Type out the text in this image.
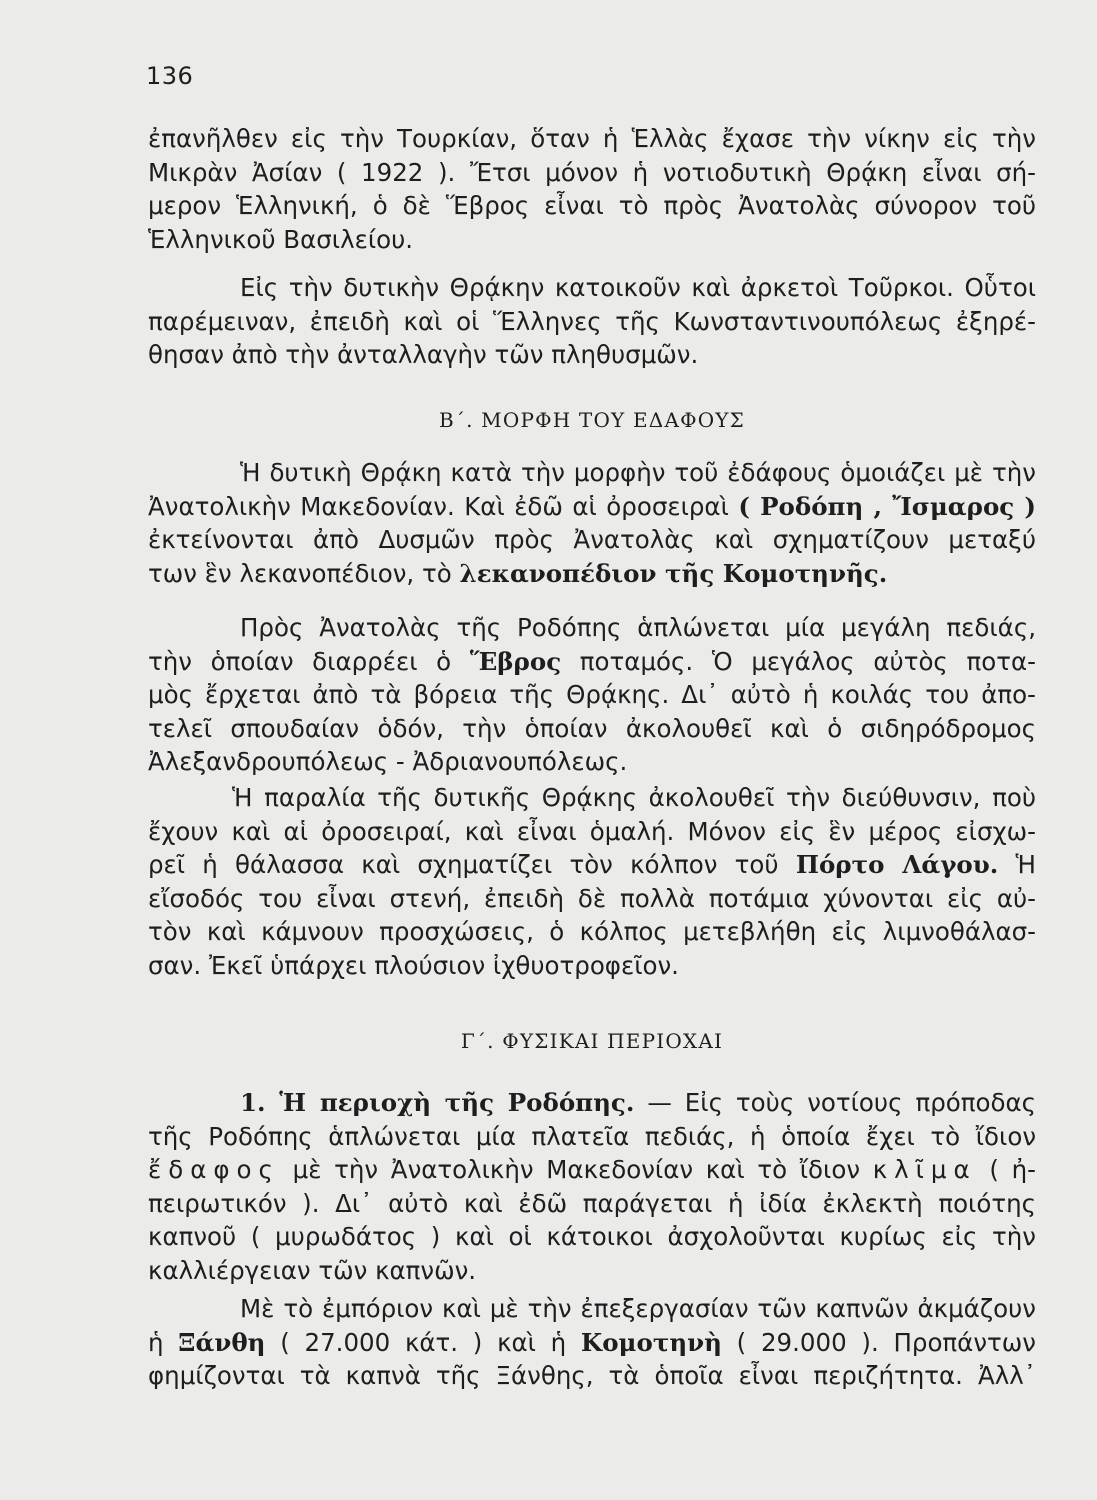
136
ἐπανῆλθεν εἰς τὴν Τουρκίαν, ὅταν ἡ Ἑλλὰς ἔχασε τὴν νίκην εἰς τὴν
Μικρὰν Ἀσίαν ( 1922 ). Ἔτσι μόνον ἡ νοτιοδυτικὴ Θρᾴκη εἶναι σή-
μερον Ἑλληνική, ὁ δὲ Ἕβρος εἶναι τὸ πρὸς Ἀνατολὰς σύνορον τοῦ
Ἑλληνικοῦ Βασιλείου.
Εἰς τὴν δυτικὴν Θρᾴκην κατοικοῦν καὶ ἀρκετοὶ Τοῦρκοι. Οὗτοι
παρέμειναν, ἐπειδὴ καὶ οἱ Ἕλληνες τῆς Κωνσταντινουπόλεως ἐξηρέ-
θησαν ἀπὸ τὴν ἀνταλλαγὴν τῶν πληθυσμῶν.
Β΄. ΜΟΡΦΗ ΤΟΥ ΕΔΑΦΟΥΣ
Ἡ δυτικὴ Θρᾴκη κατὰ τὴν μορφὴν τοῦ ἐδάφους ὁμοιάζει μὲ τὴν
Ἀνατολικὴν Μακεδονίαν. Καὶ ἐδῶ αἱ ὀροσειραὶ ( Ροδόπη , Ἴσμαρος )
ἐκτείνονται ἀπὸ Δυσμῶν πρὸς Ἀνατολὰς καὶ σχηματίζουν μεταξύ
των ἓν λεκανοπέδιον, τὸ λεκανοπέδιον τῆς Κομοτηνῆς.
Πρὸς Ἀνατολὰς τῆς Ροδόπης ἁπλώνεται μία μεγάλη πεδιάς,
τὴν ὁποίαν διαρρέει ὁ Ἕβρος ποταμός. Ὁ μεγάλος αὐτὸς ποτα-
μὸς ἔρχεται ἀπὸ τὰ βόρεια τῆς Θρᾴκης. Δι᾿ αὐτὸ ἡ κοιλάς του ἀπο-
τελεῖ σπουδαίαν ὁδόν, τὴν ὁποίαν ἀκολουθεῖ καὶ ὁ σιδηρόδρομος
Ἀλεξανδρουπόλεως - Ἀδριανουπόλεως.
Ἡ παραλία τῆς δυτικῆς Θρᾴκης ἀκολουθεῖ τὴν διεύθυνσιν, ποὺ
ἔχουν καὶ αἱ ὀροσειραί, καὶ εἶναι ὁμαλή. Μόνον εἰς ἓν μέρος εἰσχω-
ρεῖ ἡ θάλασσα καὶ σχηματίζει τὸν κόλπον τοῦ Πόρτο Λάγου. Ἡ
εἴσοδός του εἶναι στενή, ἐπειδὴ δὲ πολλὰ ποτάμια χύνονται εἰς αὐ-
τὸν καὶ κάμνουν προσχώσεις, ὁ κόλπος μετεβλήθη εἰς λιμνοθάλασ-
σαν. Ἐκεῖ ὑπάρχει πλούσιον ἰχθυοτροφεῖον.
Γ΄. ΦΥΣΙΚΑΙ ΠΕΡΙΟΧΑΙ
1. Ἡ περιοχὴ τῆς Ροδόπης. — Εἰς τοὺς νοτίους πρόποδας
τῆς Ροδόπης ἁπλώνεται μία πλατεῖα πεδιάς, ἡ ὁποία ἔχει τὸ ἴδιον
ἔδαφος μὲ τὴν Ἀνατολικὴν Μακεδονίαν καὶ τὸ ἴδιον κλῖμα ( ἠ-
πειρωτικόν ). Δι᾿ αὐτὸ καὶ ἐδῶ παράγεται ἡ ἰδία ἐκλεκτὴ ποιότης
καπνοῦ ( μυρωδάτος ) καὶ οἱ κάτοικοι ἀσχολοῦνται κυρίως εἰς τὴν
καλλιέργειαν τῶν καπνῶν.
Μὲ τὸ ἐμπόριον καὶ μὲ τὴν ἐπεξεργασίαν τῶν καπνῶν ἀκμάζουν
ἡ Ξάνθη ( 27.000 κάτ. ) καὶ ἡ Κομοτηνὴ ( 29.000 ). Προπάντων
φημίζονται τὰ καπνὰ τῆς Ξάνθης, τὰ ὁποῖα εἶναι περιζήτητα. Ἀλλ᾿
